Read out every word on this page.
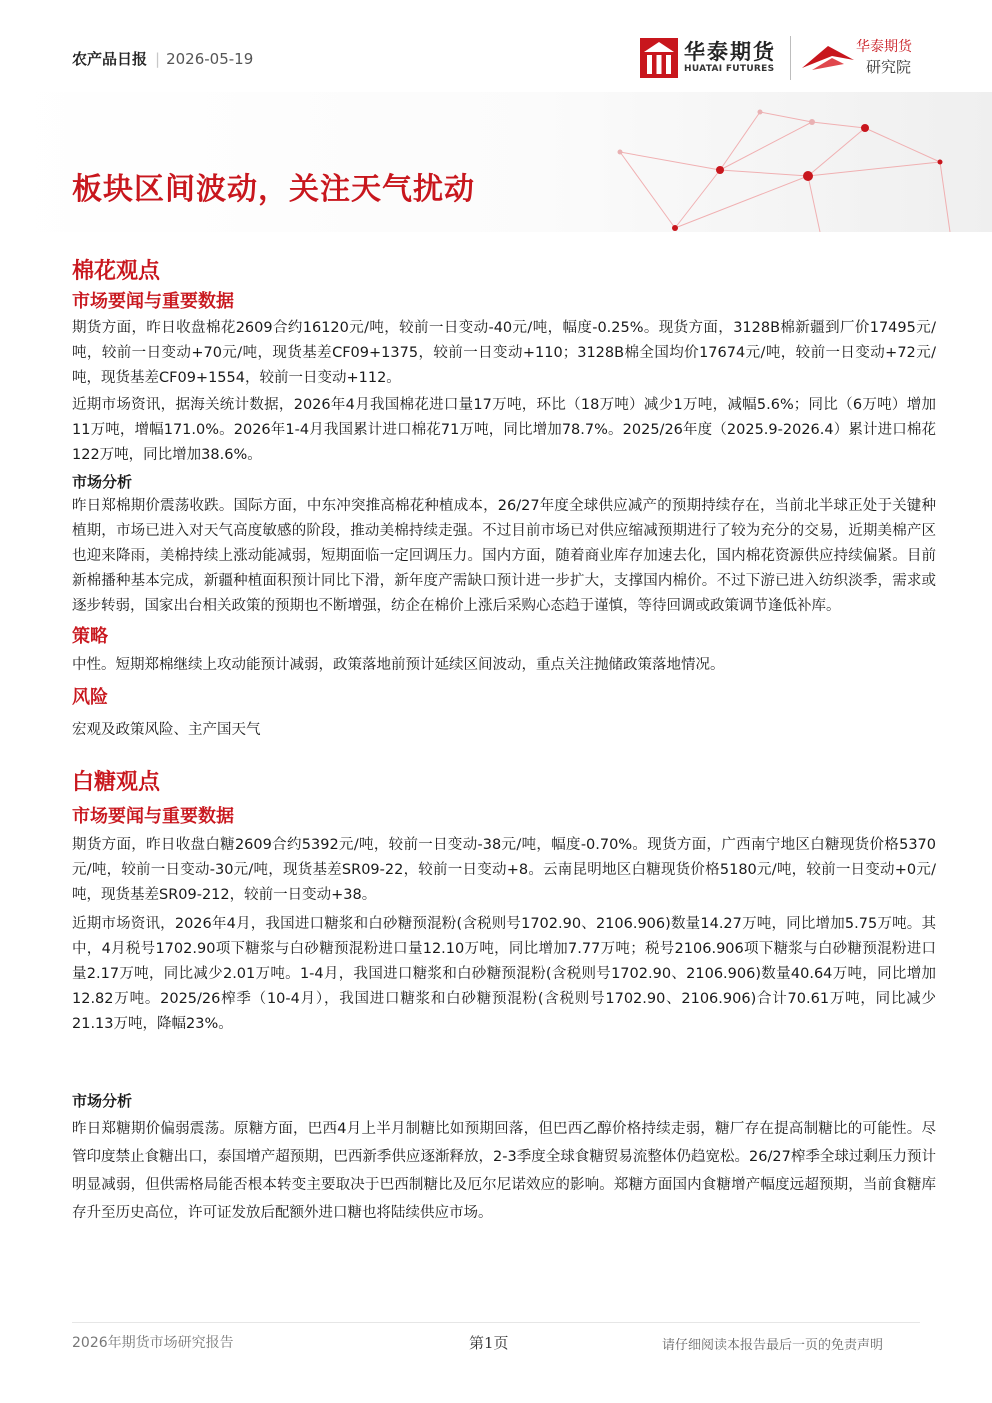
农产品日报 | 2026-05-19	华泰期货
HUATAI FUTURES
华泰期货
研究院
板块区间波动，关注天气扰动
棉花观点
市场要闻与重要数据

期货方面，昨日收盘棉花2609合约16120元/吨，较前一日变动-40元/吨，幅度-0.25%。现货方面，3128B棉新疆到厂价17495元/吨，较前一日变动+70元/吨，现货基差CF09+1375，较前一日变动+110；3128B棉全国均价17674元/吨，较前一日变动+72元/吨，现货基差CF09+1554，较前一日变动+112。

近期市场资讯，据海关统计数据，2026年4月我国棉花进口量17万吨，环比（18万吨）减少1万吨，减幅5.6%；同比（6万吨）增加11万吨，增幅171.0%。2026年1-4月我国累计进口棉花71万吨，同比增加78.7%。2025/26年度（2025.9-2026.4）累计进口棉花122万吨，同比增加38.6%。

市场分析

昨日郑棉期价震荡收跌。国际方面，中东冲突推高棉花种植成本，26/27年度全球供应减产的预期持续存在，当前北半球正处于关键种植期，市场已进入对天气高度敏感的阶段，推动美棉持续走强。不过目前市场已对供应缩减预期进行了较为充分的交易，近期美棉产区也迎来降雨，美棉持续上涨动能减弱，短期面临一定回调压力。国内方面，随着商业库存加速去化，国内棉花资源供应持续偏紧。目前新棉播种基本完成，新疆种植面积预计同比下滑，新年度产需缺口预计进一步扩大，支撑国内棉价。不过下游已进入纺织淡季，需求或逐步转弱，国家出台相关政策的预期也不断增强，纺企在棉价上涨后采购心态趋于谨慎，等待回调或政策调节逢低补库。

策略

中性。短期郑棉继续上攻动能预计减弱，政策落地前预计延续区间波动，重点关注抛储政策落地情况。

风险

宏观及政策风险、主产国天气

白糖观点
市场要闻与重要数据

期货方面，昨日收盘白糖2609合约5392元/吨，较前一日变动-38元/吨，幅度-0.70%。现货方面，广西南宁地区白糖现货价格5370元/吨，较前一日变动-30元/吨，现货基差SR09-22，较前一日变动+8。云南昆明地区白糖现货价格5180元/吨，较前一日变动+0元/吨，现货基差SR09-212，较前一日变动+38。

近期市场资讯，2026年4月，我国进口糖浆和白砂糖预混粉(含税则号1702.90、2106.906)数量14.27万吨，同比增加5.75万吨。其中，4月税号1702.90项下糖浆与白砂糖预混粉进口量12.10万吨，同比增加7.77万吨；税号2106.906项下糖浆与白砂糖预混粉进口量2.17万吨，同比减少2.01万吨。1-4月，我国进口糖浆和白砂糖预混粉(含税则号1702.90、2106.906)数量40.64万吨，同比增加12.82万吨。2025/26榨季（10-4月），我国进口糖浆和白砂糖预混粉(含税则号1702.90、2106.906)合计70.61万吨，同比减少21.13万吨，降幅23%。

市场分析

昨日郑糖期价偏弱震荡。原糖方面，巴西4月上半月制糖比如预期回落，但巴西乙醇价格持续走弱，糖厂存在提高制糖比的可能性。尽管印度禁止食糖出口，泰国增产超预期，巴西新季供应逐渐释放，2-3季度全球食糖贸易流整体仍趋宽松。26/27榨季全球过剩压力预计明显减弱，但供需格局能否根本转变主要取决于巴西制糖比及厄尔尼诺效应的影响。郑糖方面国内食糖增产幅度远超预期，当前食糖库存升至历史高位，许可证发放后配额外进口糖也将陆续供应市场。

2026年期货市场研究报告	第1页	请仔细阅读本报告最后一页的免责声明
